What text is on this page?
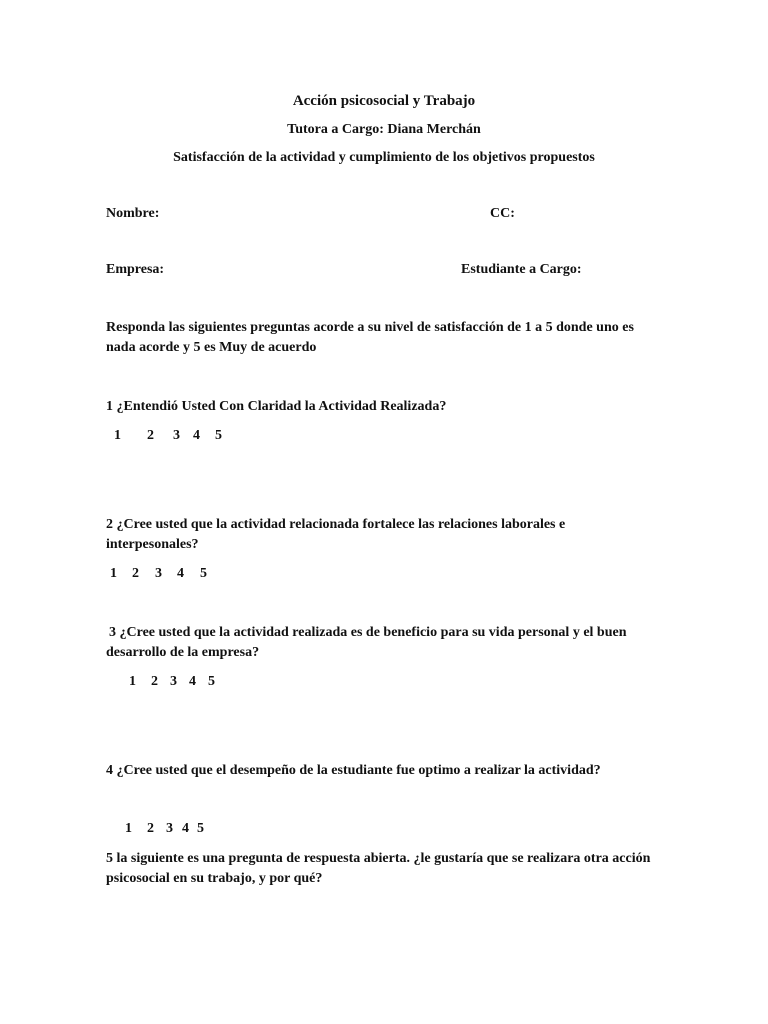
Acción psicosocial y Trabajo
Tutora a Cargo: Diana Merchán
Satisfacción de la actividad y cumplimiento de los objetivos propuestos
Nombre:	CC:
Empresa:	Estudiante a Cargo:
Responda las siguientes preguntas acorde a su nivel de satisfacción de 1 a 5 donde uno es nada acorde y 5 es Muy de acuerdo
1 ¿Entendió Usted Con Claridad la Actividad Realizada?
1 2 3 4 5
2 ¿Cree usted que la actividad relacionada fortalece las relaciones laborales e interpesonales?
1 2 3 4 5
3 ¿Cree usted que la actividad realizada es de beneficio para su vida personal y el buen desarrollo de la empresa?
1 2 3 4 5
4 ¿Cree usted que el desempeño de la estudiante fue optimo a realizar la actividad?
1 2 3 4 5
5 la siguiente es una pregunta de respuesta abierta. ¿le gustaría que se realizara otra acción psicosocial en su trabajo, y por qué?
